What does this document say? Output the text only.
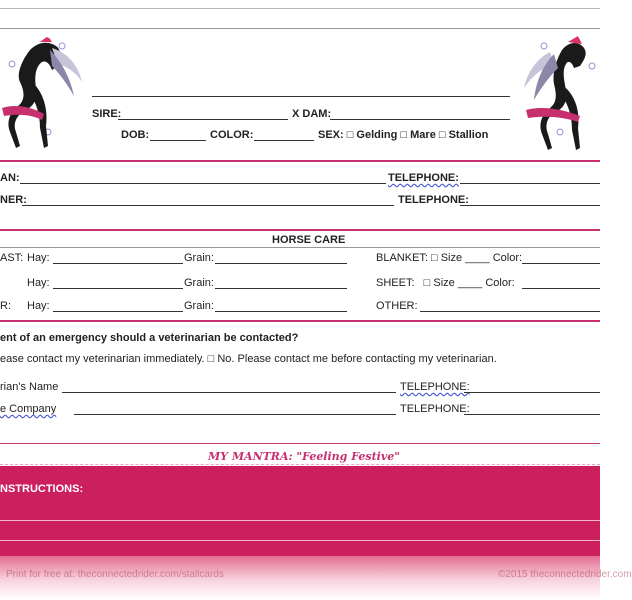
SIRE:	X DAM:
DOB:	COLOR:	SEX: □ Gelding □ Mare □ Stallion
AN:	TELEPHONE:
NER:	TELEPHONE:
HORSE CARE
AST: Hay:	Grain:	BLANKET: □ Size ____ Color:
Hay:	Grain:	SHEET:   □ Size ____ Color:
R: Hay:	Grain:	OTHER:
ent of an emergency should a veterinarian be contacted?
ease contact my veterinarian immediately. □ No. Please contact me before contacting my veterinarian.
rian's Name	TELEPHONE:
e Company	TELEPHONE:
MY MANTRA: "Feeling Festive"
NSTRUCTIONS:
Print for free at: theconnectedrider.com/stallcards	©2015 theconnectedrider.com
